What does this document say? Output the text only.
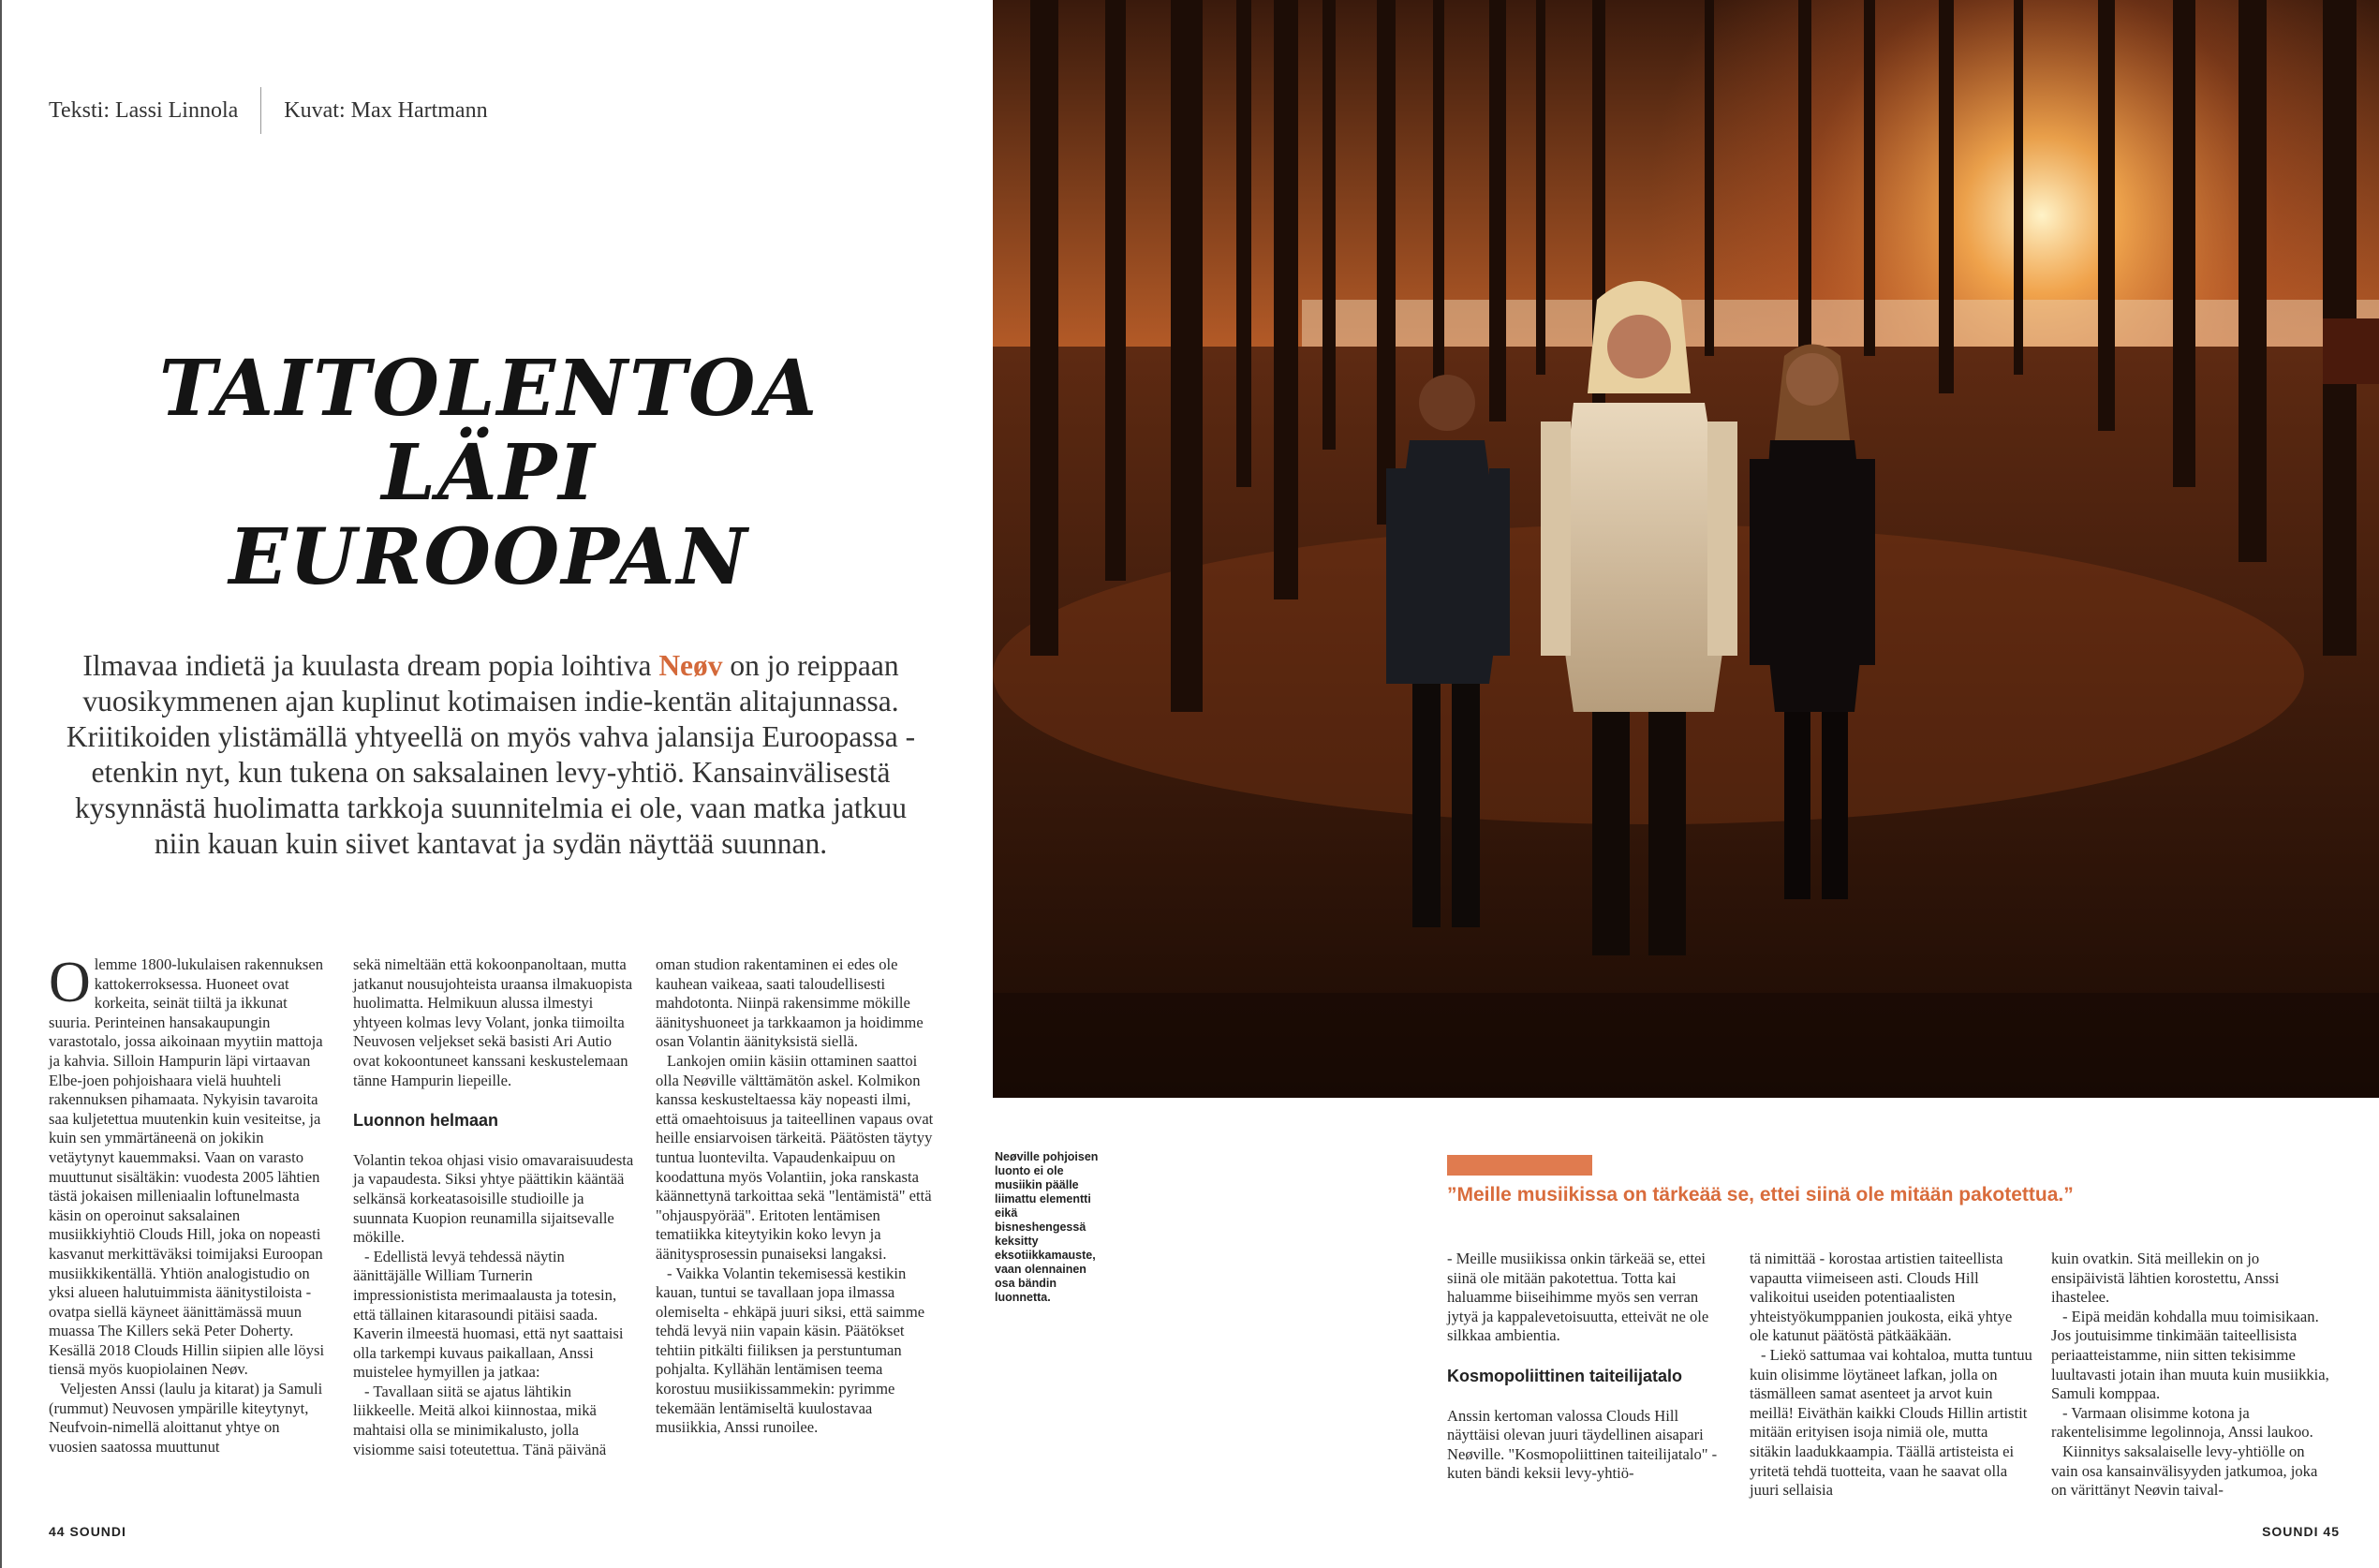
Teksti: Lassi Linnola Kuvat: Max Hartmann
TAITOLENTOA
LÄPI
EUROOPAN

Ilmavaa indietä ja kuulasta dream popia loihtiva Neøv on jo reippaan vuosikymmenen ajan kuplinut kotimaisen indie-kentän alitajunnassa. Kriitikoiden ylistämällä yhtyeellä on myös vahva jalansija Euroopassa - etenkin nyt, kun tukena on saksalainen levy-yhtiö. Kansainvälisestä kysynnästä huolimatta tarkkoja suunnitelmia ei ole, vaan matka jatkuu niin kauan kuin siivet kantavat ja sydän näyttää suunnan.

Olemme 1800-lukulaisen rakennuksen kattokerroksessa. Huoneet ovat korkeita, seinät tiiltä ja ikkunat suuria. Perinteinen hansakaupungin varastotalo, jossa aikoinaan myytiin mattoja ja kahvia. Silloin Hampurin läpi virtaavan Elbe-joen pohjoishaara vielä huuhteli rakennuksen pihamaata. Nykyisin tavaroita saa kuljetettua muutenkin kuin vesiteitse, ja kuin sen ymmärtäneenä on jokikin vetäytynyt kauemmaksi. Vaan on varasto muuttunut sisältäkin: vuodesta 2005 lähtien tästä jokaisen milleniaalin loftunelmasta käsin on operoinut saksalainen musiikkiyhtiö Clouds Hill, joka on nopeasti kasvanut merkittäväksi toimijaksi Euroopan musiikkikentällä. Yhtiön analogistudio on yksi alueen halutuimmista äänitystiloista - ovatpa siellä käyneet äänittämässä muun muassa The Killers sekä Peter Doherty. Kesällä 2018 Clouds Hillin siipien alle löysi tiensä myös kuopiolainen Neøv.

Veljesten Anssi (laulu ja kitarat) ja Samuli (rummut) Neuvosen ympärille kiteytynyt, Neufvoin-nimellä aloittanut yhtye on vuosien saatossa muuttunut

sekä nimeltään että kokoonpanoltaan, mutta jatkanut nousujohteista uraansa ilmakuopista huolimatta. Helmikuun alussa ilmestyi yhtyeen kolmas levy Volant, jonka tiimoilta Neuvosen veljekset sekä basisti Ari Autio ovat kokoontuneet kanssani keskustelemaan tänne Hampurin liepeille.

Luonnon helmaan

Volantin tekoa ohjasi visio omavaraisuudesta ja vapaudesta. Siksi yhtye päättikin kääntää selkänsä korkeatasoisille studioille ja suunnata Kuopion reunamilla sijaitsevalle mökille.

- Edellistä levyä tehdessä näytin äänittäjälle William Turnerin impressionistista merimaalausta ja totesin, että tällainen kitarasoundi pitäisi saada. Kaverin ilmeestä huomasi, että nyt saattaisi olla tarkempi kuvaus paikallaan, Anssi muistelee hymyillen ja jatkaa:

- Tavallaan siitä se ajatus lähtikin liikkeelle. Meitä alkoi kiinnostaa, mikä mahtaisi olla se minimikalusto, jolla visiomme saisi toteutettua. Tänä päivänä

oman studion rakentaminen ei edes ole kauhean vaikeaa, saati taloudellisesti mahdotonta. Niinpä rakensimme mökille äänityshuoneet ja tarkkaamon ja hoidimme osan Volantin äänityksistä siellä.

Lankojen omiin käsiin ottaminen saattoi olla Neøville välttämätön askel. Kolmikon kanssa keskusteltaessa käy nopeasti ilmi, että omaehtoisuus ja taiteellinen vapaus ovat heille ensiarvoisen tärkeitä. Päätösten täytyy tuntua luontevilta. Vapaudenkaipuu on koodattuna myös Volantiin, joka ranskasta käännettynä tarkoittaa sekä "lentämistä" että "ohjauspyörää". Eritoten lentämisen tematiikka kiteytyikin koko levyn ja äänitysprosessin punaiseksi langaksi.

- Vaikka Volantin tekemisessä kestikin kauan, tuntui se tavallaan jopa ilmassa olemiselta - ehkäpä juuri siksi, että saimme tehdä levyä niin vapain käsin. Päätökset tehtiin pitkälti fiiliksen ja perstuntuman pohjalta. Kyllähän lentämisen teema korostuu musiikissammekin: pyrimme tekemään lentämiseltä kuulostavaa musiikkia, Anssi runoilee.

44 SOUNDI
Neøville pohjoisen luonto ei ole musiikin päälle liimattu elementti eikä bisneshengessä keksitty eksotiikkamauste, vaan olennainen osa bändin luonnetta.
”Meille musiikissa on tärkeää se, ettei siinä ole mitään pakotettua.”

- Meille musiikissa onkin tärkeää se, ettei siinä ole mitään pakotettua. Totta kai haluamme biiseihimme myös sen verran jytyä ja kappalevetoisuutta, etteivät ne ole silkkaa ambientia.

Kosmopoliittinen taiteilijatalo

Anssin kertoman valossa Clouds Hill näyttäisi olevan juuri täydellinen aisapari Neøville. "Kosmopoliittinen taiteilijatalo" - kuten bändi keksii levy-yhtiö-

tä nimittää - korostaa artistien taiteellista vapautta viimeiseen asti. Clouds Hill valikoitui useiden potentiaalisten yhteistyökumppanien joukosta, eikä yhtye ole katunut päätöstä pätkääkään.

- Liekö sattumaa vai kohtaloa, mutta tuntuu kuin olisimme löytäneet lafkan, jolla on täsmälleen samat asenteet ja arvot kuin meillä! Eiväthän kaikki Clouds Hillin artistit mitään erityisen isoja nimiä ole, mutta sitäkin laadukkaampia. Täällä artisteista ei yritetä tehdä tuotteita, vaan he saavat olla juuri sellaisia

kuin ovatkin. Sitä meillekin on jo ensipäivistä lähtien korostettu, Anssi ihastelee.

- Eipä meidän kohdalla muu toimisikaan. Jos joutuisimme tinkimään taiteellisista periaatteistamme, niin sitten tekisimme luultavasti jotain ihan muuta kuin musiikkia, Samuli komppaa.

- Varmaan olisimme kotona ja rakentelisimme legolinnoja, Anssi laukoo.

Kiinnitys saksalaiselle levy-yhtiölle on vain osa kansainvälisyyden jatkumoa, joka on värittänyt Neøvin taival-

SOUNDI 45
